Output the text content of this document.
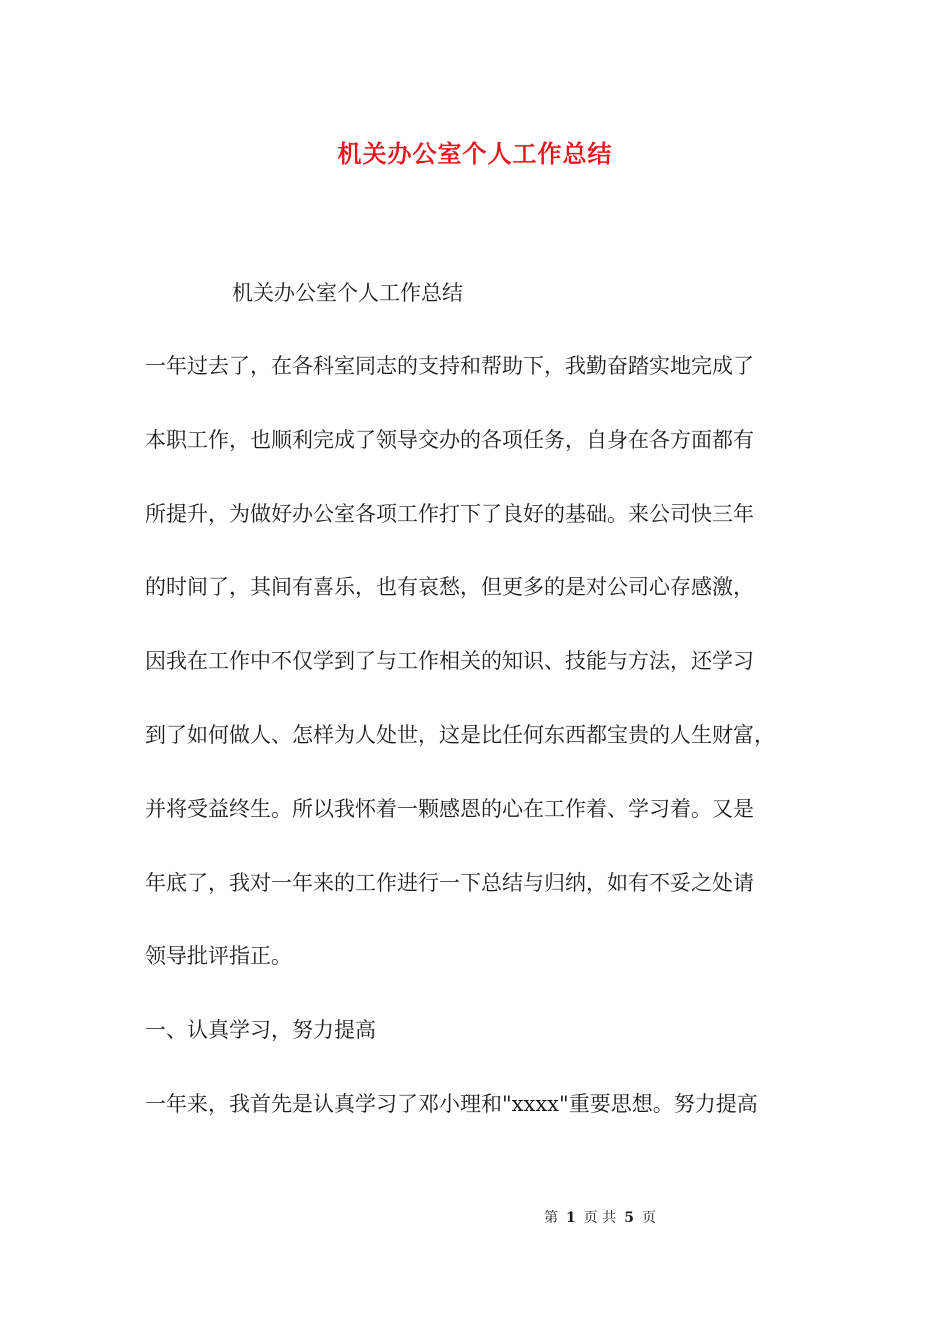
机关办公室个人工作总结
机关办公室个人工作总结
一年过去了，在各科室同志的支持和帮助下，我勤奋踏实地完成了
本职工作，也顺利完成了领导交办的各项任务，自身在各方面都有
所提升，为做好办公室各项工作打下了良好的基础。来公司快三年
的时间了，其间有喜乐，也有哀愁，但更多的是对公司心存感激，
因我在工作中不仅学到了与工作相关的知识、技能与方法，还学习
到了如何做人、怎样为人处世，这是比任何东西都宝贵的人生财富，
并将受益终生。所以我怀着一颗感恩的心在工作着、学习着。又是
年底了，我对一年来的工作进行一下总结与归纳，如有不妥之处请
领导批评指正。
一、认真学习，努力提高
一年来，我首先是认真学习了邓小理和"xxxx"重要思想。努力提高
第 1 页 共 5 页
